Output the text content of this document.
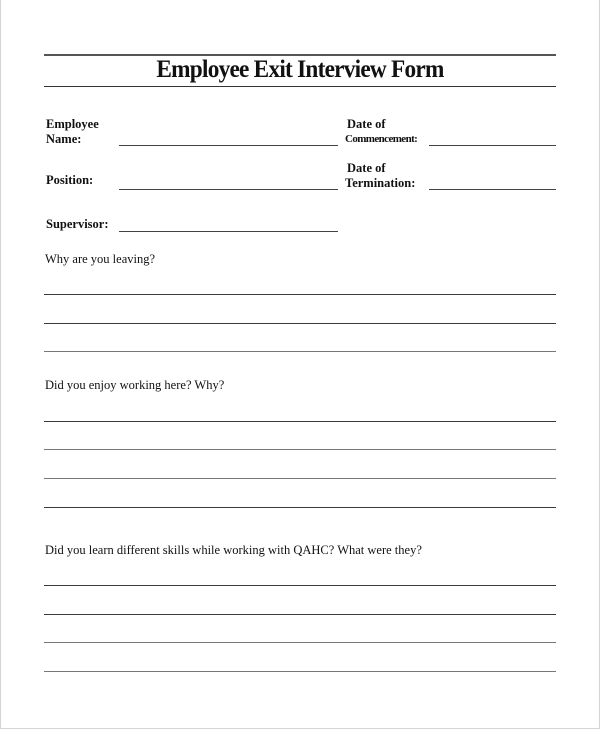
Employee Exit Interview Form
Employee
Name:
Date of
Commencement:
Position:
Date of
Termination:
Supervisor:
Why are you leaving?
Did you enjoy working here? Why?
Did you learn different skills while working with QAHC? What were they?
